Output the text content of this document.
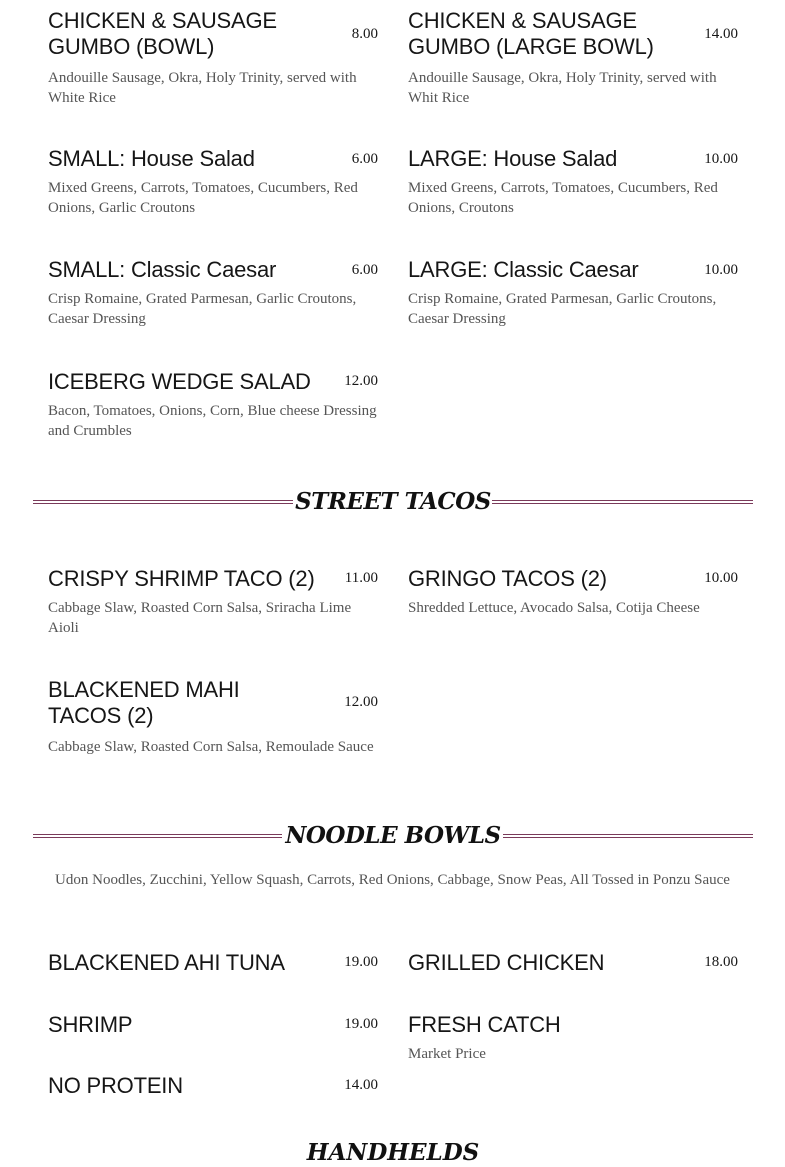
8.00
CHICKEN & SAUSAGE GUMBO (BOWL)
Andouille Sausage, Okra, Holy Trinity, served with White Rice
14.00
CHICKEN & SAUSAGE GUMBO (LARGE BOWL)
Andouille Sausage, Okra, Holy Trinity, served with Whit Rice
6.00
SMALL: House Salad
Mixed Greens, Carrots, Tomatoes, Cucumbers, Red Onions, Garlic Croutons
10.00
LARGE: House Salad
Mixed Greens, Carrots, Tomatoes, Cucumbers, Red Onions, Croutons
6.00
SMALL: Classic Caesar
Crisp Romaine, Grated Parmesan, Garlic Croutons, Caesar Dressing
10.00
LARGE: Classic Caesar
Crisp Romaine, Grated Parmesan, Garlic Croutons, Caesar Dressing
12.00
ICEBERG WEDGE SALAD
Bacon, Tomatoes, Onions, Corn, Blue cheese Dressing and Crumbles
STREET TACOS
11.00
CRISPY SHRIMP TACO (2)
Cabbage Slaw, Roasted Corn Salsa, Sriracha Lime Aioli
10.00
GRINGO TACOS (2)
Shredded Lettuce, Avocado Salsa, Cotija Cheese
12.00
BLACKENED MAHI TACOS (2)
Cabbage Slaw, Roasted Corn Salsa, Remoulade Sauce
NOODLE BOWLS
Udon Noodles, Zucchini, Yellow Squash, Carrots, Red Onions, Cabbage, Snow Peas, All Tossed in Ponzu Sauce
19.00
BLACKENED AHI TUNA	18.00
GRILLED CHICKEN
19.00
SHRIMP	FRESH CATCH
Market Price
14.00
NO PROTEIN
HANDHELDS
